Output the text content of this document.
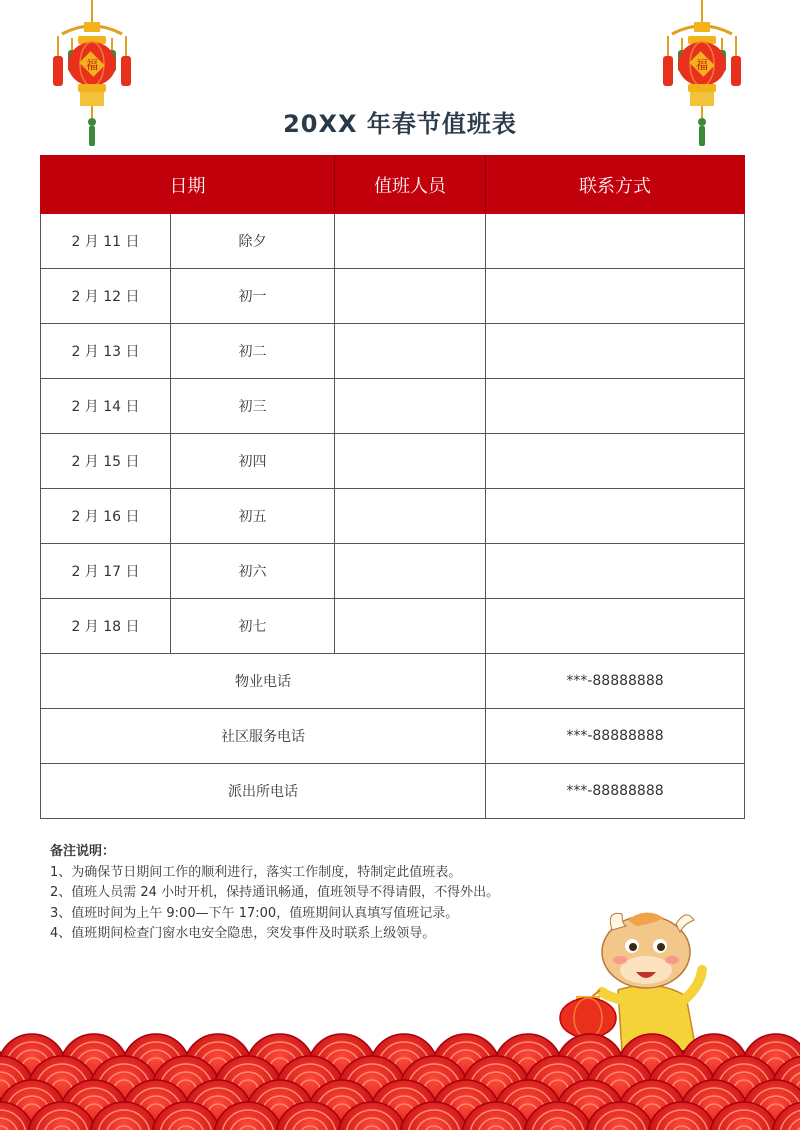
福	福
20XX 年春节值班表
日期		值班人员	联系方式
2 月 11 日	除夕		
2 月 12 日	初一		
2 月 13 日	初二		
2 月 14 日	初三		
2 月 15 日	初四		
2 月 16 日	初五		
2 月 17 日	初六		
2 月 18 日	初七		
物业电话			***-88888888
社区服务电话			***-88888888
派出所电话			***-88888888
备注说明：
1、为确保节日期间工作的顺利进行，落实工作制度，特制定此值班表。
2、值班人员需 24 小时开机，保持通讯畅通，值班领导不得请假，不得外出。
3、值班时间为上午 9:00—下午 17:00，值班期间认真填写值班记录。
4、值班期间检查门窗水电安全隐患，突发事件及时联系上级领导。
